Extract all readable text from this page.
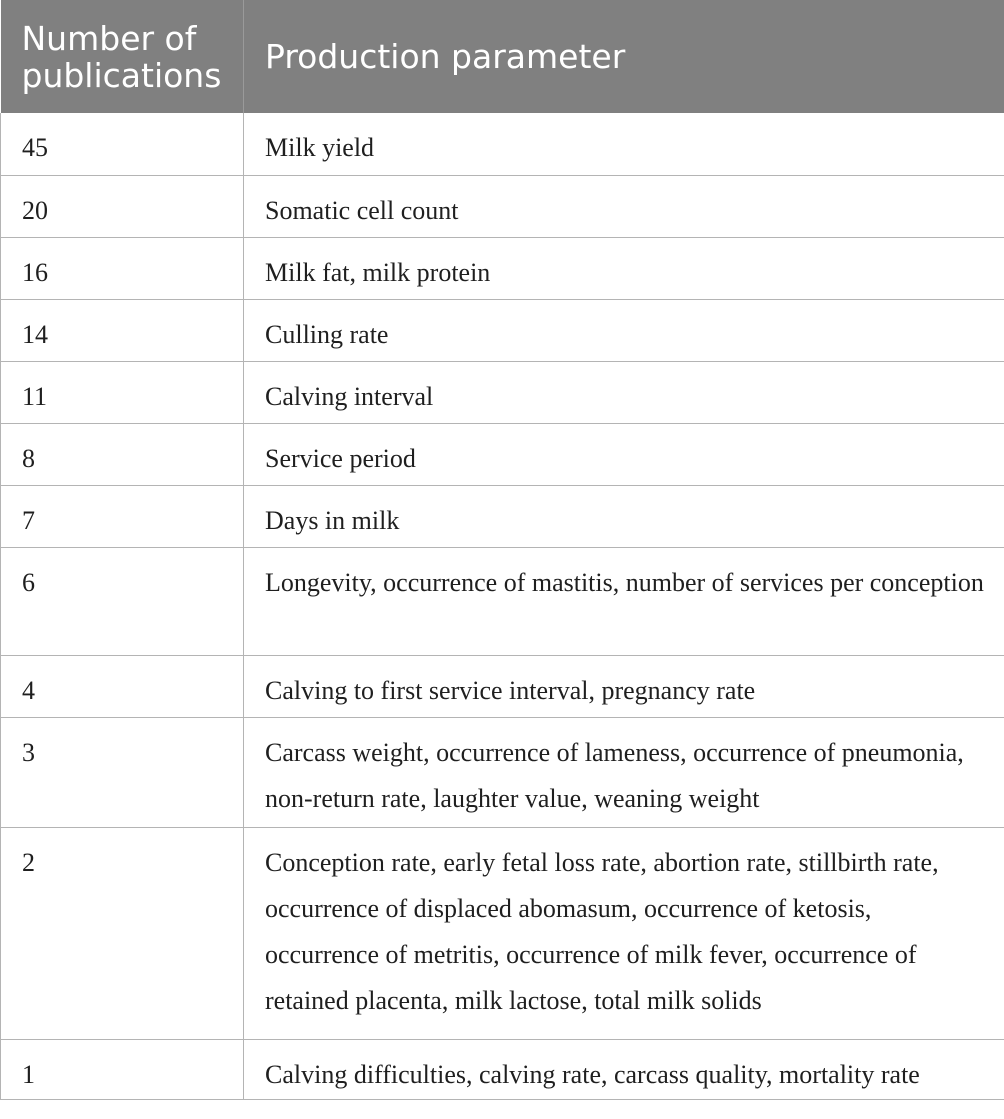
Number of publications	Production parameter
45	Milk yield
20	Somatic cell count
16	Milk fat, milk protein
14	Culling rate
11	Calving interval
8	Service period
7	Days in milk
6	Longevity, occurrence of mastitis, number of services per conception
4	Calving to first service interval, pregnancy rate
3	Carcass weight, occurrence of lameness, occurrence of pneumonia, non-return rate, laughter value, weaning weight
2	Conception rate, early fetal loss rate, abortion rate, stillbirth rate, occurrence of displaced abomasum, occurrence of ketosis, occurrence of metritis, occurrence of milk fever, occurrence of retained placenta, milk lactose, total milk solids
1	Calving difficulties, calving rate, carcass quality, mortality rate
